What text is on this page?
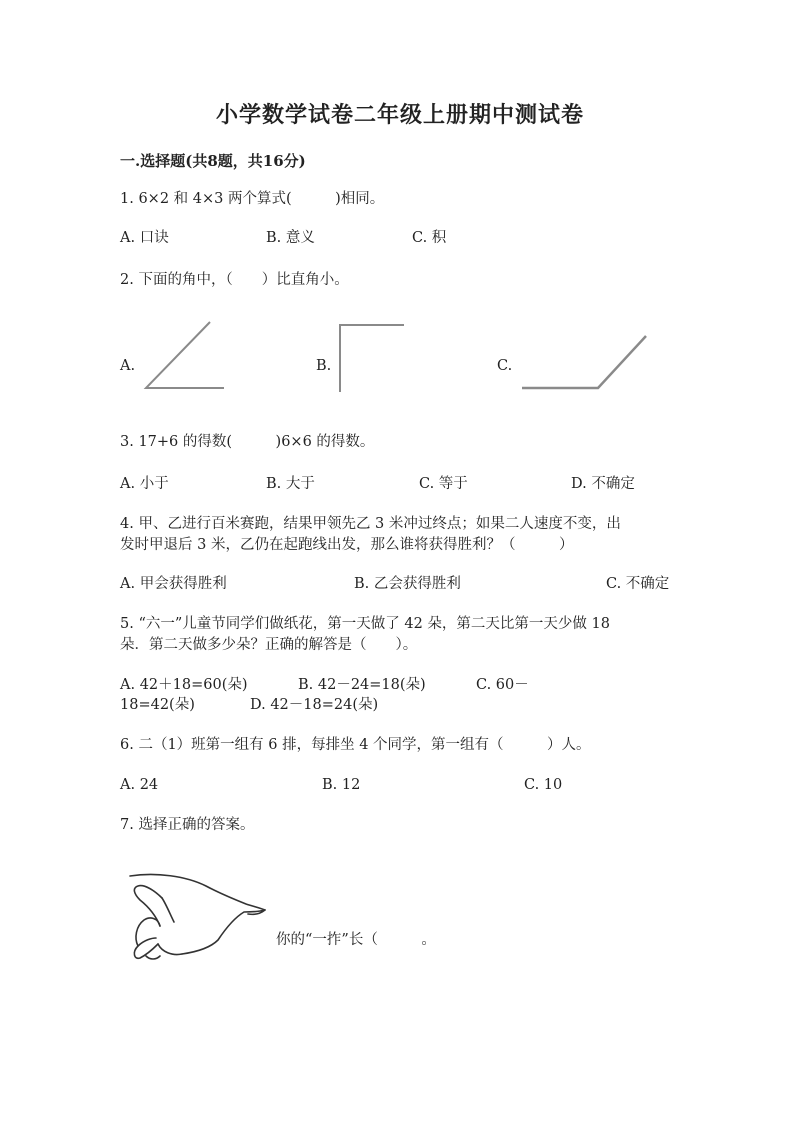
小学数学试卷二年级上册期中测试卷
一.选择题(共8题，共16分)
1. 6×2 和 4×3 两个算式(　　　)相同。
A. 口诀	B. 意义	C. 积
2. 下面的角中，（　　）比直角小。
A.	B.	C.
3. 17+6 的得数(　　　)6×6 的得数。
A. 小于	B. 大于	C. 等于	D. 不确定
4. 甲、乙进行百米赛跑，结果甲领先乙 3 米冲过终点；如果二人速度不变，出
发时甲退后 3 米，乙仍在起跑线出发，那么谁将获得胜利？（　　　）
A. 甲会获得胜利	B. 乙会获得胜利	C. 不确定
5. “六一”儿童节同学们做纸花，第一天做了 42 朵，第二天比第一天少做 18
朵．第二天做多少朵？正确的解答是（　　）。
A. 42＋18=60(朵)	B. 42－24=18(朵)	C. 60－
18=42(朵)	D. 42－18=24(朵)
6. 二（1）班第一组有 6 排，每排坐 4 个同学，第一组有（　　　）人。
A. 24	B. 12	C. 10
7. 选择正确的答案。
你的“一拃”长（　　　。
